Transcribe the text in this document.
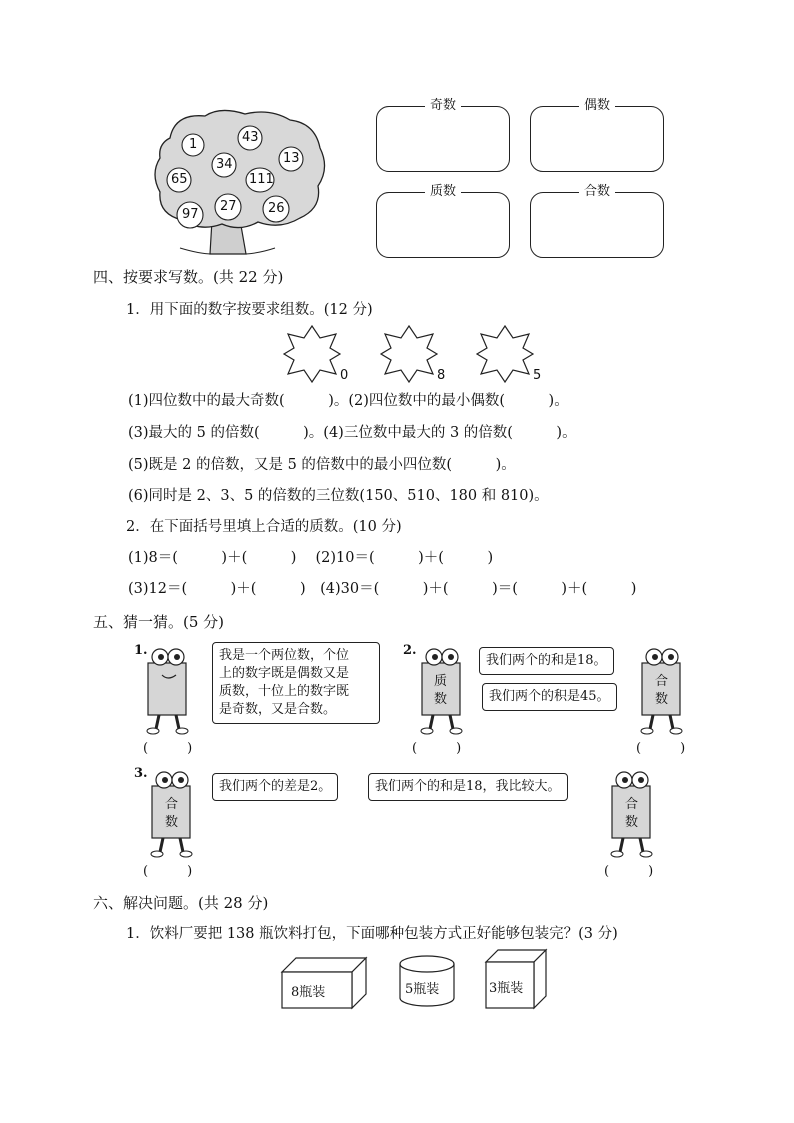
1	43
34	13
65	111
97
27 26
奇数	偶数
质数	合数
四、按要求写数。(共 22 分)
1．用下面的数字按要求组数。(12 分)
0	8	5
(1)四位数中的最大奇数(　　　)。(2)四位数中的最小偶数(　　　)。
(3)最大的 5 的倍数(　　　)。(4)三位数中最大的 3 的倍数(　　　)。
(5)既是 2 的倍数，又是 5 的倍数中的最小四位数(　　　)。
(6)同时是 2、3、5 的倍数的三位数(150、510、180 和 810)。
2．在下面括号里填上合适的质数。(10 分)
(1)8＝(　　　)＋(　　　)　 (2)10＝(　　　)＋(　　　)
(3)12＝(　　　)＋(　　　)　(4)30＝(　　　)＋(　　　)＝(　　　)＋(　　　)
五、猜一猜。(5 分)
1.	我是一个两位数，个位
上的数字既是偶数又是
质数，十位上的数字既
是奇数，又是合数。
(　　　)
2.
质
数
我们两个的和是18。
我们两个的积是45。
合
数
(　　　)	(　　　)
3.
合
数
我们两个的差是2。	我们两个的和是18，我比较大。
合
数
(　　　)	(　　　)
六、解决问题。(共 28 分)
1．饮料厂要把 138 瓶饮料打包，下面哪种包装方式正好能够包装完？(3 分)
8瓶装	5瓶装	3瓶装
